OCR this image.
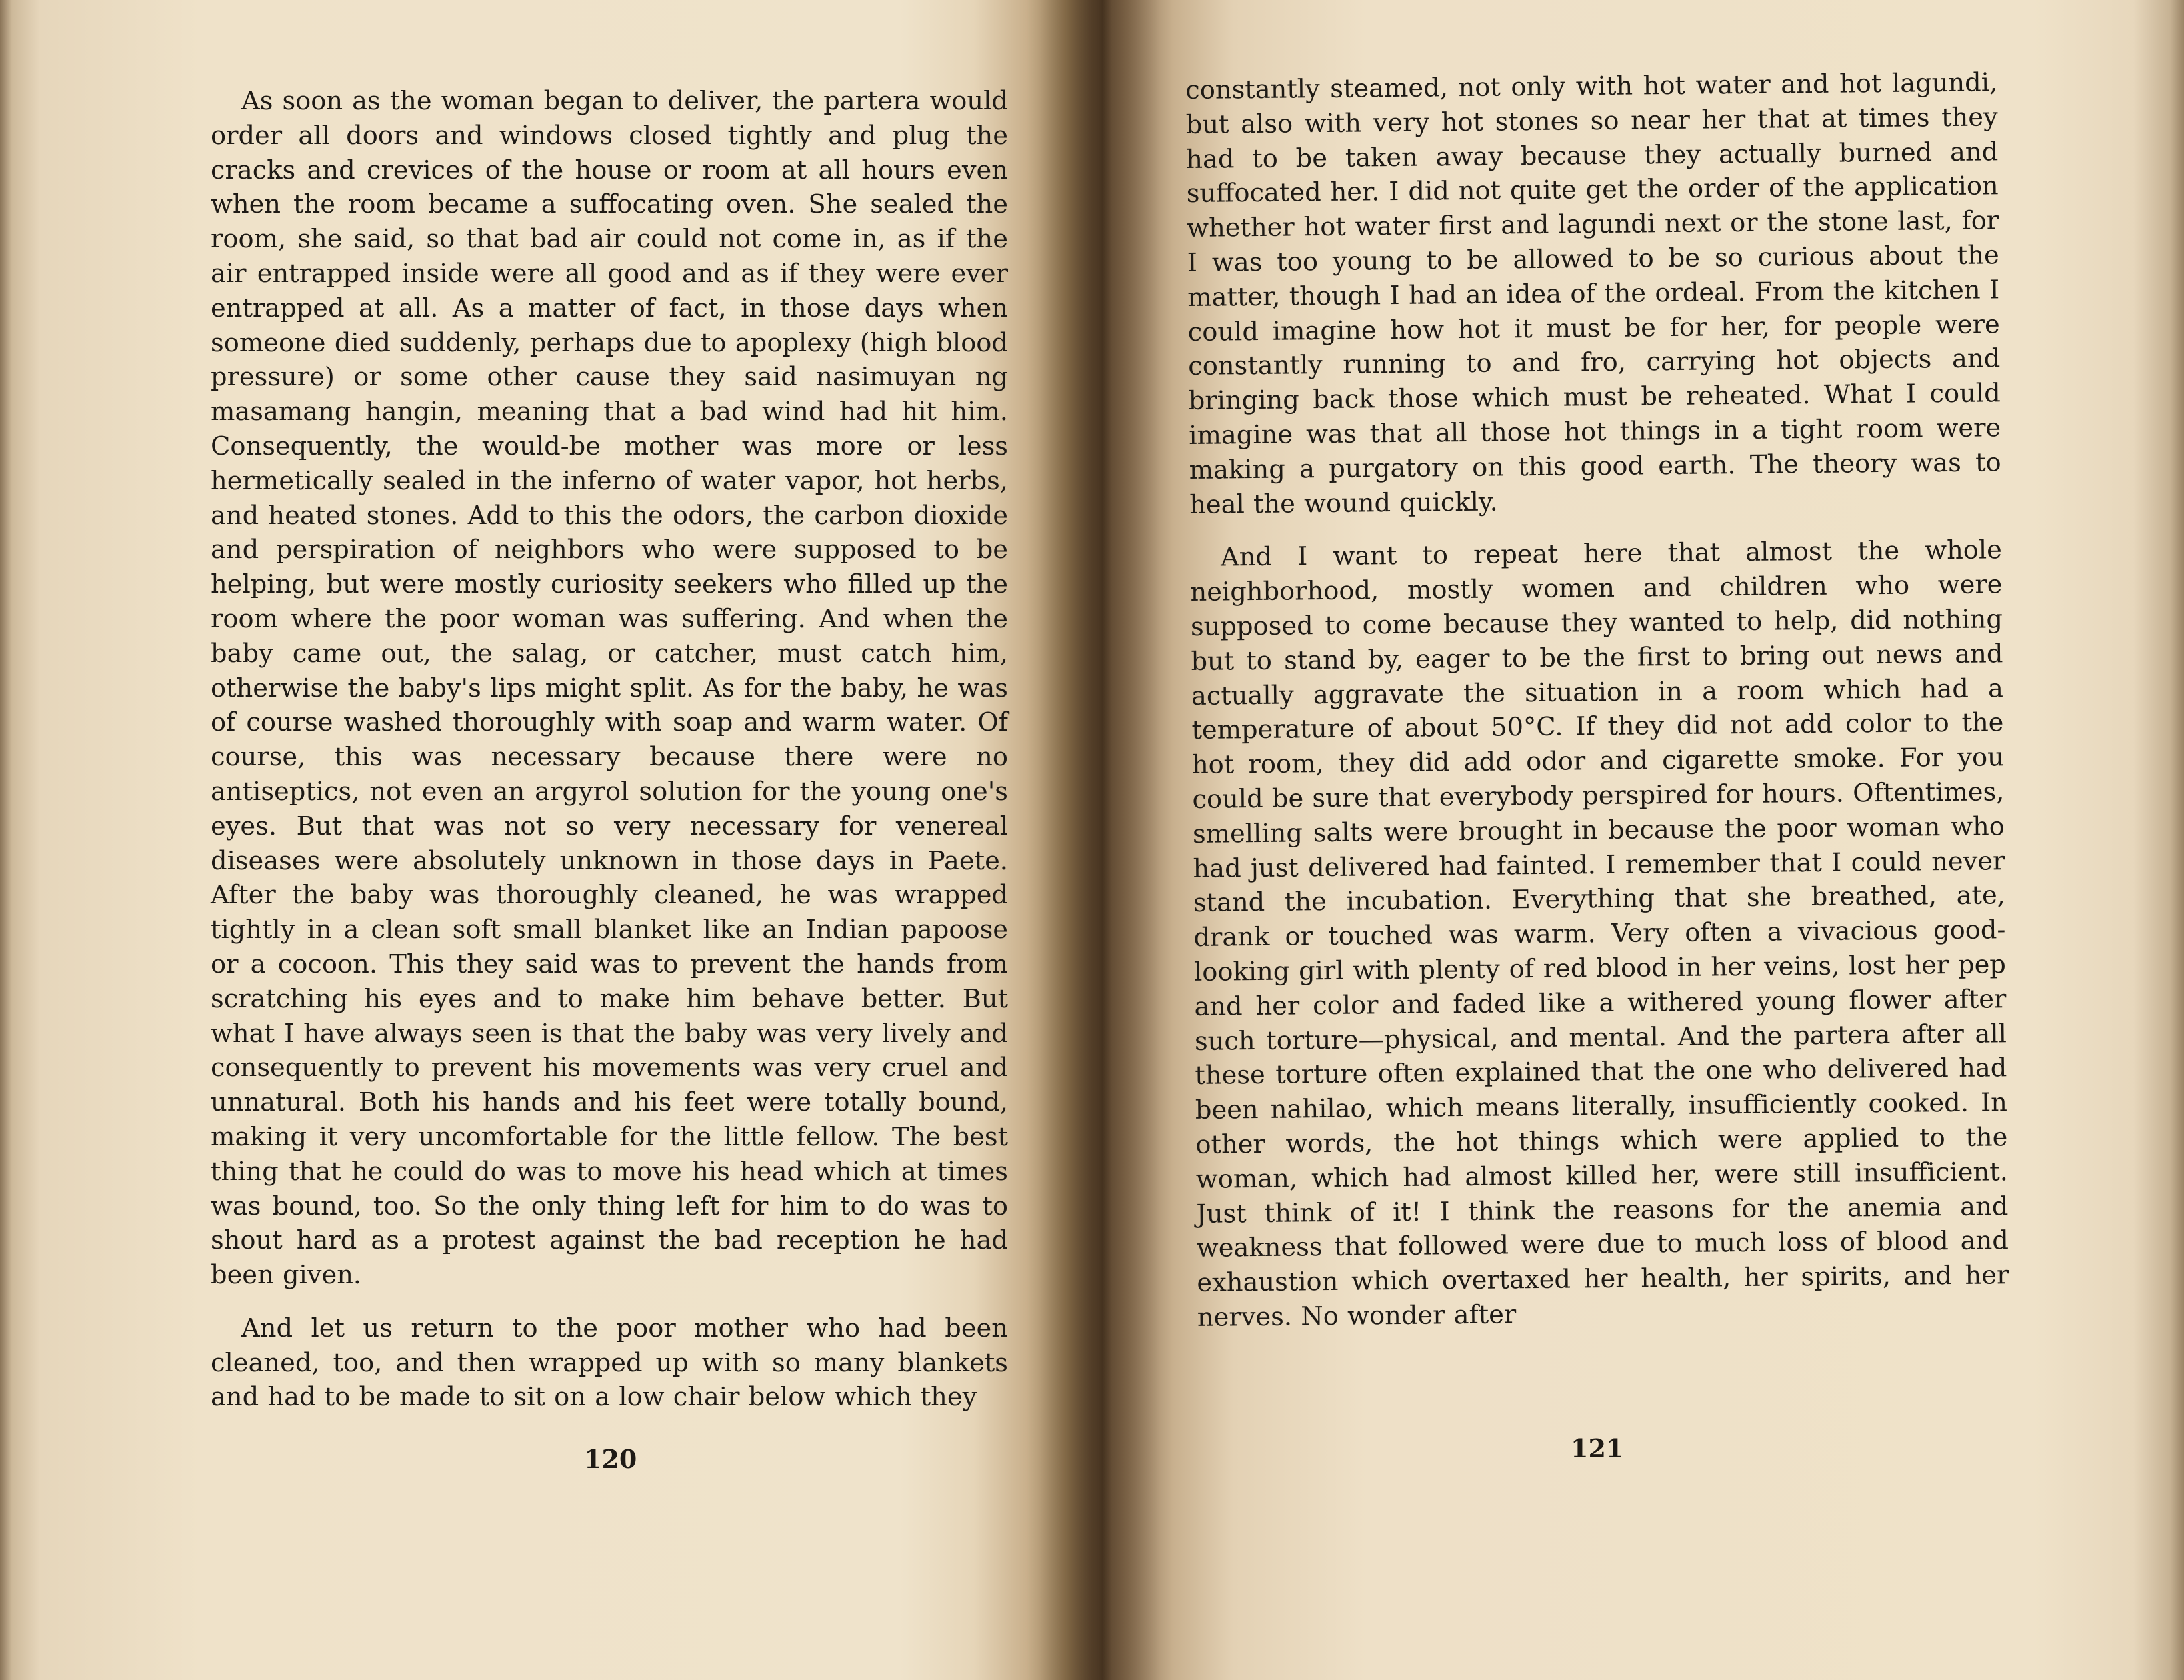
As soon as the woman began to deliver, the partera would order all doors and windows closed tightly and plug the cracks and crevices of the house or room at all hours even when the room became a suffocating oven. She sealed the room, she said, so that bad air could not come in, as if the air entrapped inside were all good and as if they were ever entrapped at all. As a matter of fact, in those days when someone died suddenly, perhaps due to apoplexy (high blood pressure) or some other cause they said nasimuyan ng masamang hangin, meaning that a bad wind had hit him. Consequently, the would-be mother was more or less hermetically sealed in the inferno of water vapor, hot herbs, and heated stones. Add to this the odors, the carbon dioxide and perspiration of neighbors who were supposed to be helping, but were mostly curiosity seekers who filled up the room where the poor woman was suffering. And when the baby came out, the salag, or catcher, must catch him, otherwise the baby's lips might split. As for the baby, he was of course washed thoroughly with soap and warm water. Of course, this was necessary because there were no antiseptics, not even an argyrol solution for the young one's eyes. But that was not so very necessary for venereal diseases were absolutely unknown in those days in Paete. After the baby was thoroughly cleaned, he was wrapped tightly in a clean soft small blanket like an Indian papoose or a cocoon. This they said was to prevent the hands from scratching his eyes and to make him behave better. But what I have always seen is that the baby was very lively and consequently to prevent his movements was very cruel and unnatural. Both his hands and his feet were totally bound, making it very uncomfortable for the little fellow. The best thing that he could do was to move his head which at times was bound, too. So the only thing left for him to do was to shout hard as a protest against the bad reception he had been given.

And let us return to the poor mother who had been cleaned, too, and then wrapped up with so many blankets and had to be made to sit on a low chair below which they

120

constantly steamed, not only with hot water and hot lagundi, but also with very hot stones so near her that at times they had to be taken away because they actually burned and suffocated her. I did not quite get the order of the application whether hot water first and lagundi next or the stone last, for I was too young to be allowed to be so curious about the matter, though I had an idea of the ordeal. From the kitchen I could imagine how hot it must be for her, for people were constantly running to and fro, carrying hot objects and bringing back those which must be reheated. What I could imagine was that all those hot things in a tight room were making a purgatory on this good earth. The theory was to heal the wound quickly.

And I want to repeat here that almost the whole neighborhood, mostly women and children who were supposed to come because they wanted to help, did nothing but to stand by, eager to be the first to bring out news and actually aggravate the situation in a room which had a temperature of about 50°C. If they did not add color to the hot room, they did add odor and cigarette smoke. For you could be sure that everybody perspired for hours. Oftentimes, smelling salts were brought in because the poor woman who had just delivered had fainted. I remember that I could never stand the incubation. Everything that she breathed, ate, drank or touched was warm. Very often a vivacious good-looking girl with plenty of red blood in her veins, lost her pep and her color and faded like a withered young flower after such torture—physical, and mental. And the partera after all these torture often explained that the one who delivered had been nahilao, which means literally, insufficiently cooked. In other words, the hot things which were applied to the woman, which had almost killed her, were still insufficient. Just think of it! I think the reasons for the anemia and weakness that followed were due to much loss of blood and exhaustion which overtaxed her health, her spirits, and her nerves. No wonder after

121
